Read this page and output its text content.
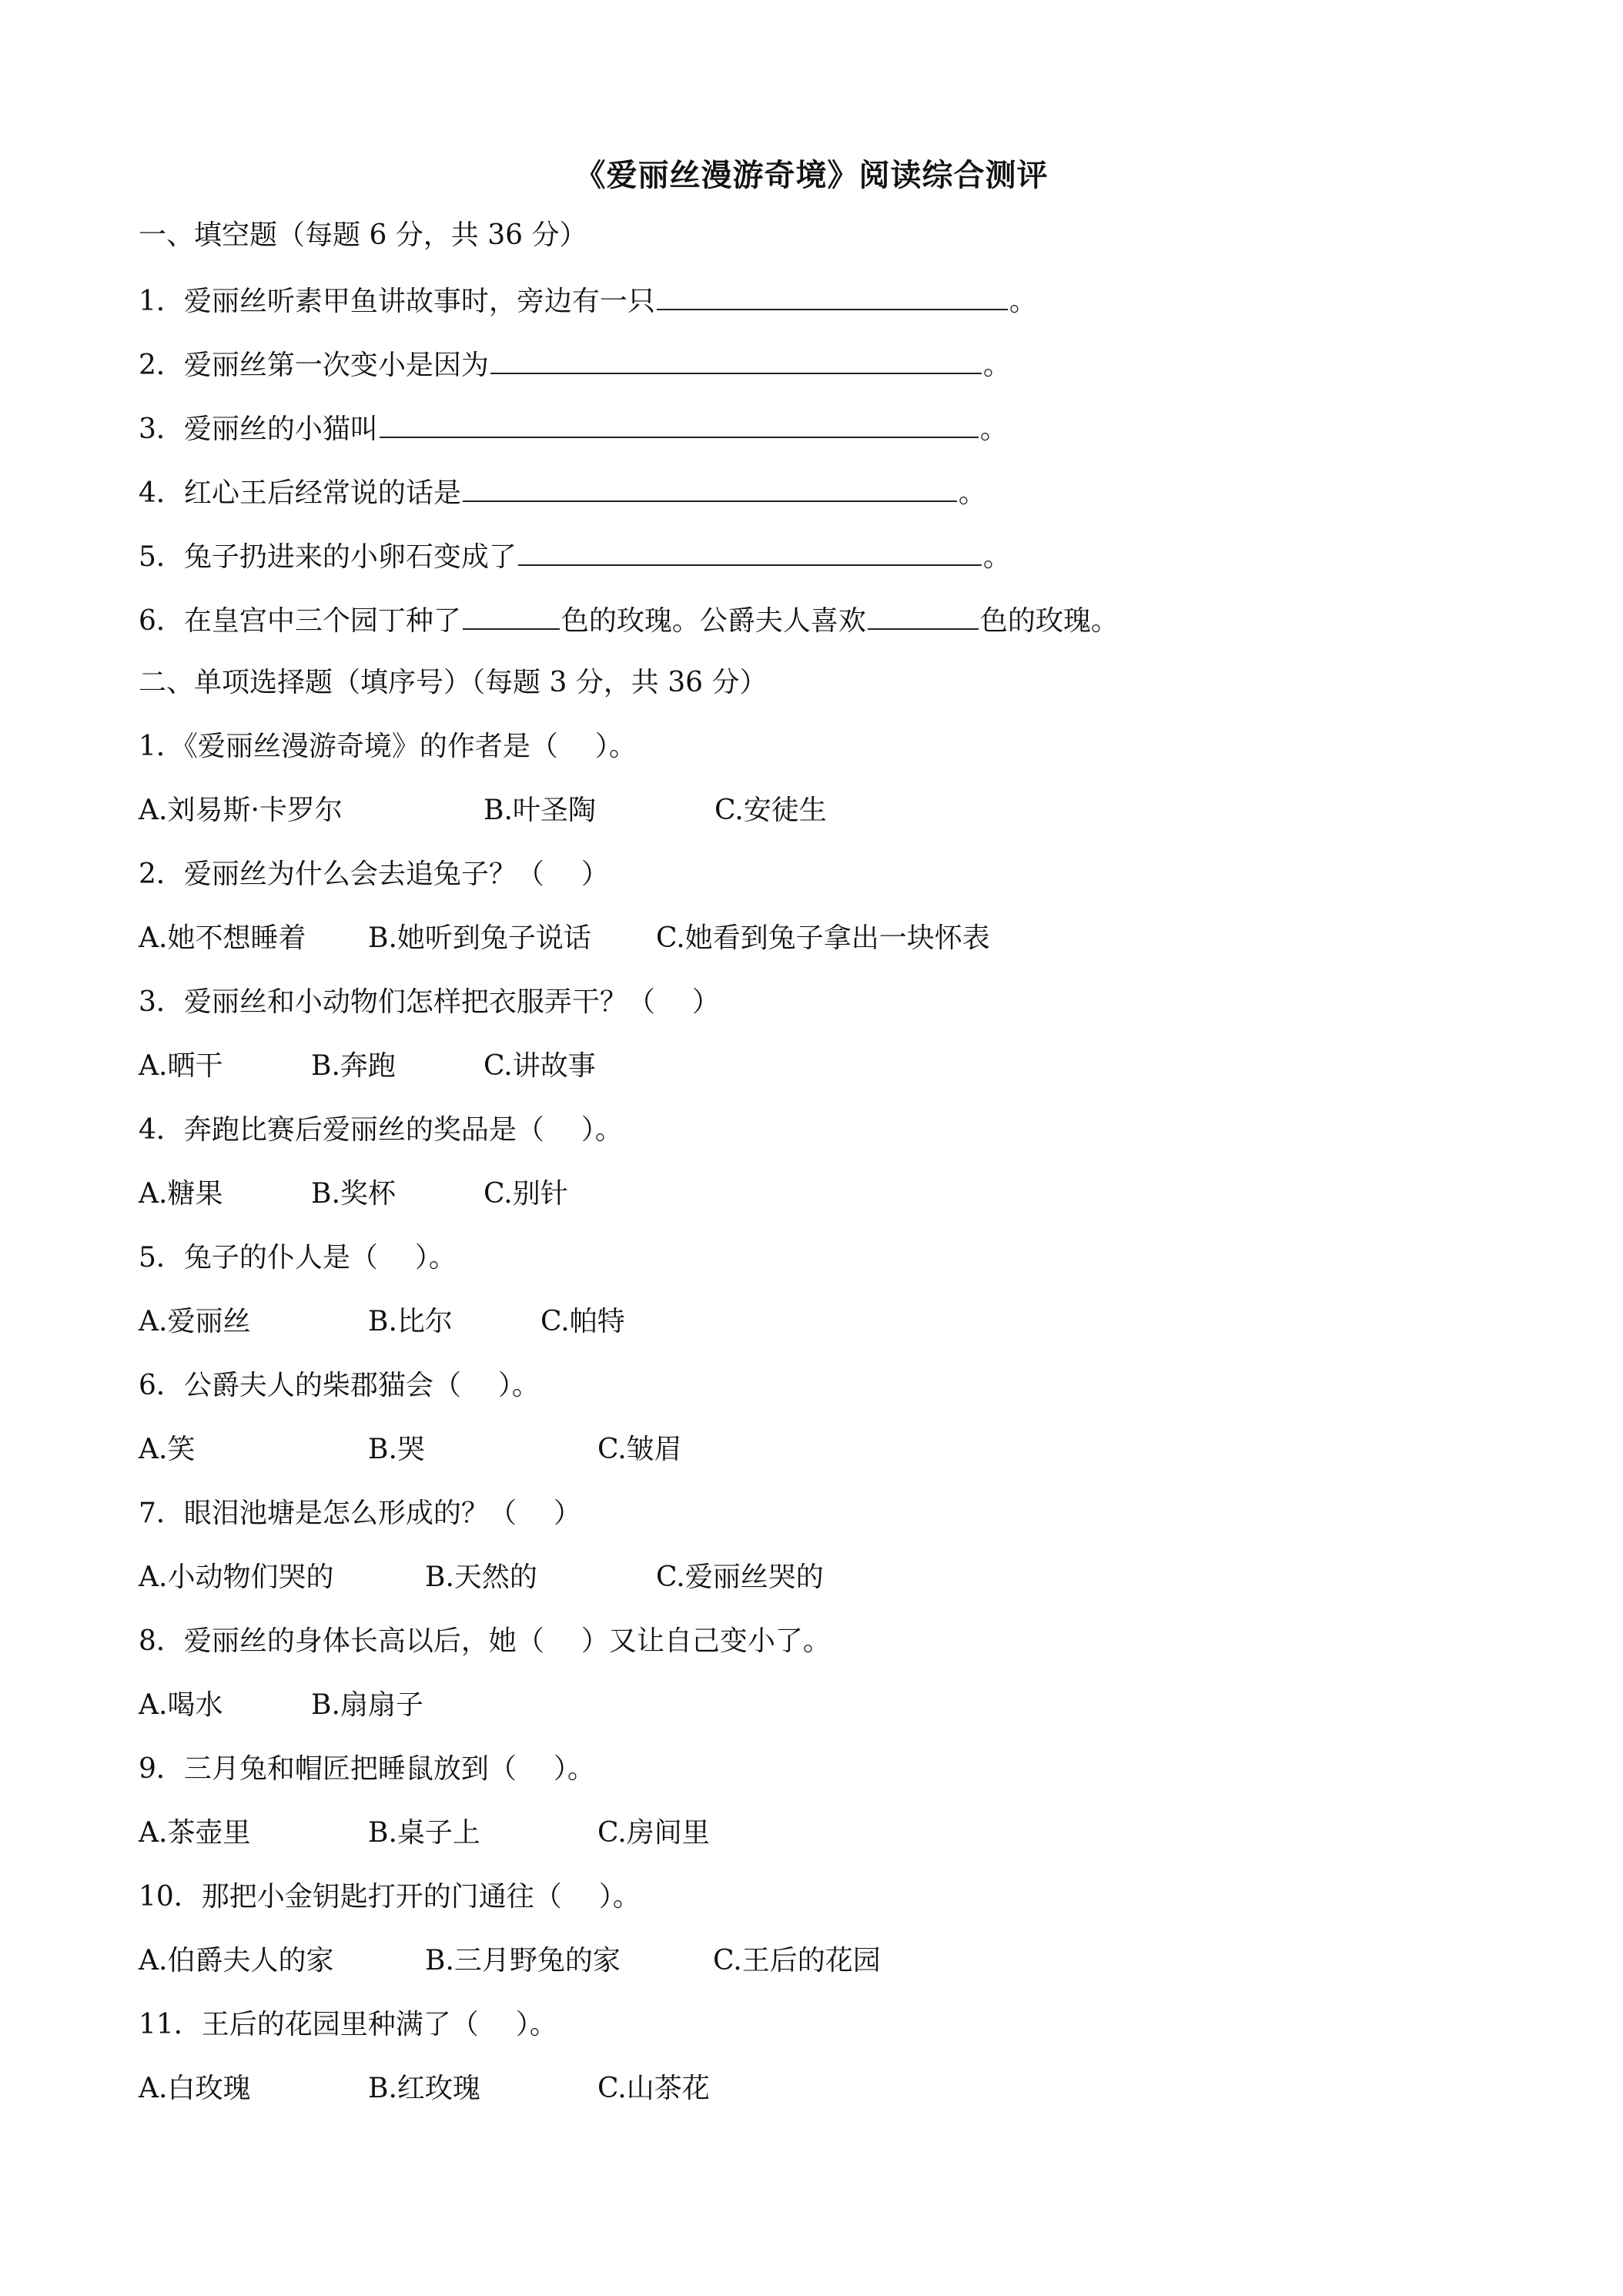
《爱丽丝漫游奇境》阅读综合测评
一、填空题（每题 6 分，共 36 分）
1．爱丽丝听素甲鱼讲故事时，旁边有一只	。
2．爱丽丝第一次变小是因为	。
3．爱丽丝的小猫叫	。
4．红心王后经常说的话是	。
5．兔子扔进来的小卵石变成了	。
6．在皇宫中三个园丁种了	色的玫瑰。公爵夫人喜欢	色的玫瑰。
二、单项选择题（填序号）（每题 3 分，共 36 分）
1．《爱丽丝漫游奇境》的作者是（ ）。
A.刘易斯·卡罗尔	B.叶圣陶	C.安徒生
2．爱丽丝为什么会去追兔子？（ ）
A.她不想睡着 B.她听到兔子说话 C.她看到兔子拿出一块怀表
3．爱丽丝和小动物们怎样把衣服弄干？（ ）
A.晒干	B.奔跑	C.讲故事
4．奔跑比赛后爱丽丝的奖品是（ ）。
A.糖果	B.奖杯	C.别针
5．兔子的仆人是（ ）。
A.爱丽丝	B.比尔	C.帕特
6．公爵夫人的柴郡猫会（ ）。
A.笑	B.哭	C.皱眉
7．眼泪池塘是怎么形成的？（ ）
A.小动物们哭的	B.天然的	C.爱丽丝哭的
8．爱丽丝的身体长高以后，她（ ）又让自己变小了。
A.喝水	B.扇扇子
9．三月兔和帽匠把睡鼠放到（ ）。
A.茶壶里	B.桌子上	C.房间里
10．那把小金钥匙打开的门通往（ ）。
A.伯爵夫人的家	B.三月野兔的家	C.王后的花园
11．王后的花园里种满了（ ）。
A.白玫瑰	B.红玫瑰	C.山茶花
